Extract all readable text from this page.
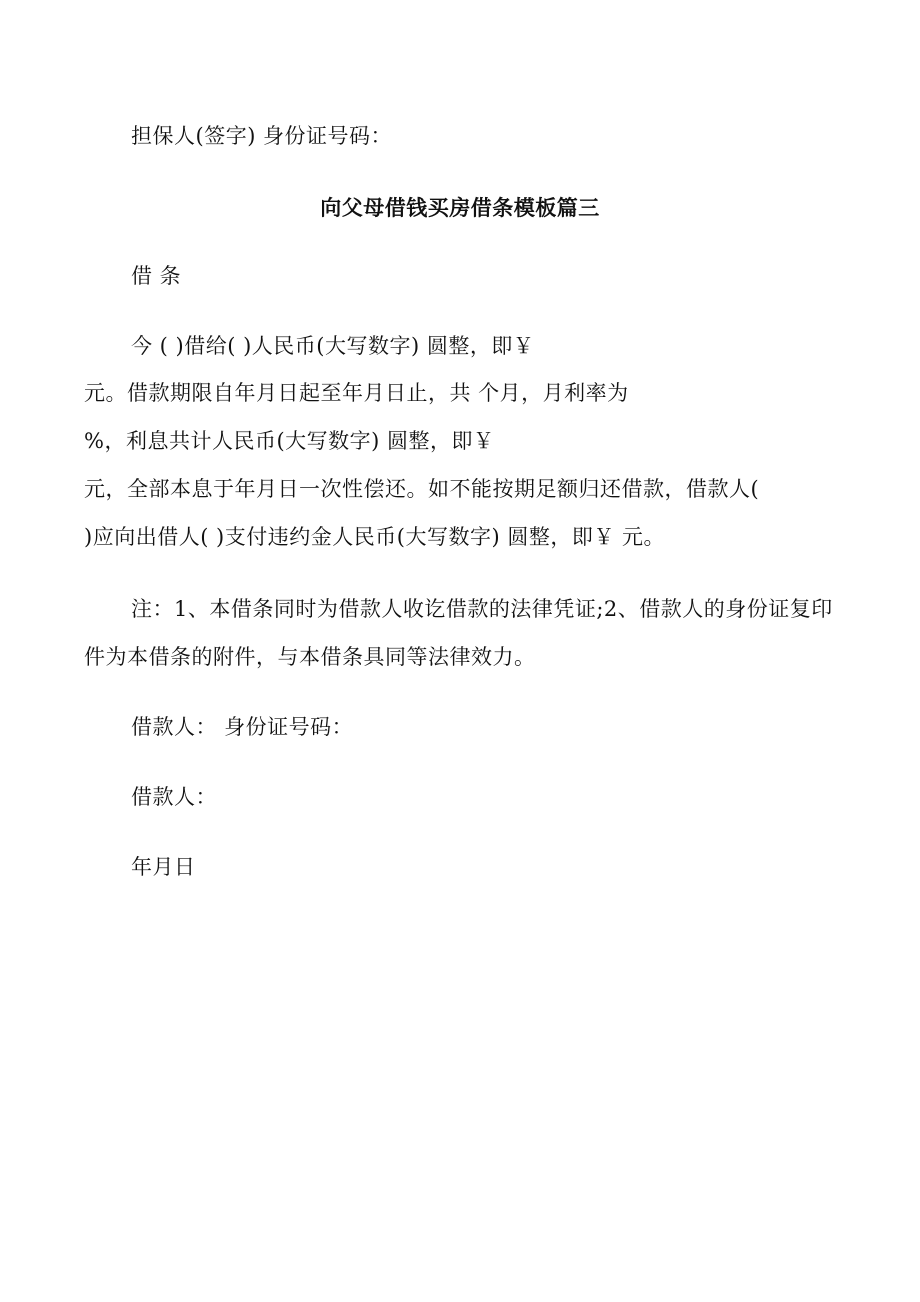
担保人(签字) 身份证号码：
向父母借钱买房借条模板篇三
借 条
今 ( )借给( )人民币(大写数字) 圆整，即￥
元。借款期限自年月日起至年月日止，共 个月，月利率为
%，利息共计人民币(大写数字) 圆整，即￥
元，全部本息于年月日一次性偿还。如不能按期足额归还借款，借款人(
)应向出借人( )支付违约金人民币(大写数字) 圆整，即￥ 元。
注：1、本借条同时为借款人收讫借款的法律凭证;2、借款人的身份证复印
件为本借条的附件，与本借条具同等法律效力。
借款人： 身份证号码：
借款人：
年月日
